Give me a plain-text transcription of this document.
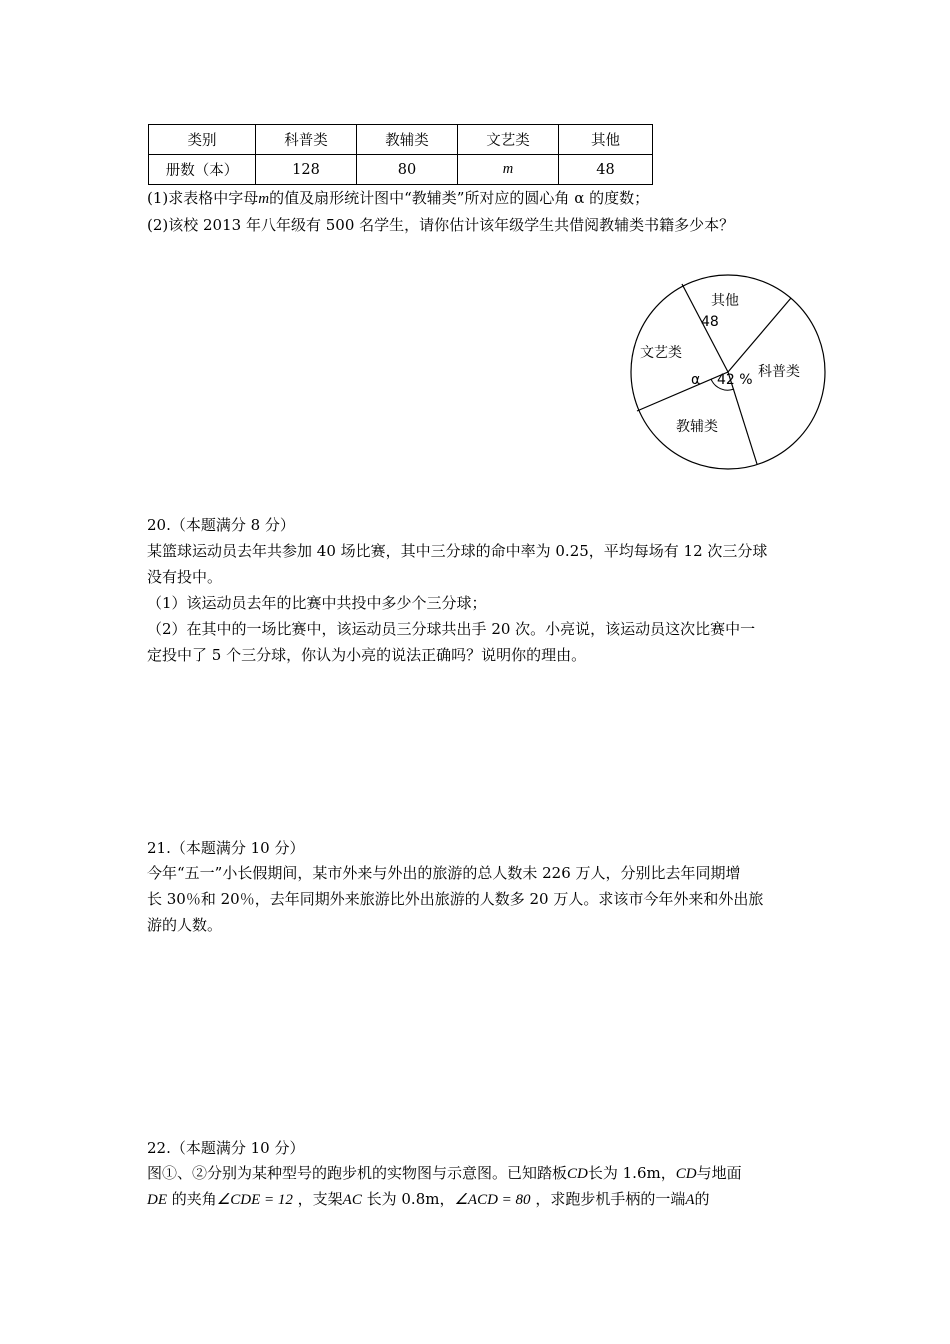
类别	科普类	教辅类	文艺类	其他
册数（本）	128	80	m	48
(1)求表格中字母m的值及扇形统计图中“教辅类”所对应的圆心角 α 的度数；
(2)该校 2013 年八年级有 500 名学生，请你估计该年级学生共借阅教辅类书籍多少本？
其他
48
科普类
教辅类
文艺类
α 42 %
20.（本题满分 8 分）
某篮球运动员去年共参加 40 场比赛，其中三分球的命中率为 0.25，平均每场有 12 次三分球
没有投中。
（1）该运动员去年的比赛中共投中多少个三分球；
（2）在其中的一场比赛中，该运动员三分球共出手 20 次。小亮说，该运动员这次比赛中一
定投中了 5 个三分球，你认为小亮的说法正确吗？说明你的理由。
21.（本题满分 10 分）
今年“五一”小长假期间，某市外来与外出的旅游的总人数未 226 万人，分别比去年同期增
长 30％和 20％，去年同期外来旅游比外出旅游的人数多 20 万人。求该市今年外来和外出旅
游的人数。
22.（本题满分 10 分）
图①、②分别为某种型号的跑步机的实物图与示意图。已知踏板CD长为 1.6m，CD与地面
DE 的夹角∠CDE = 12 ，支架AC 长为 0.8m，∠ACD = 80 ，求跑步机手柄的一端A的
